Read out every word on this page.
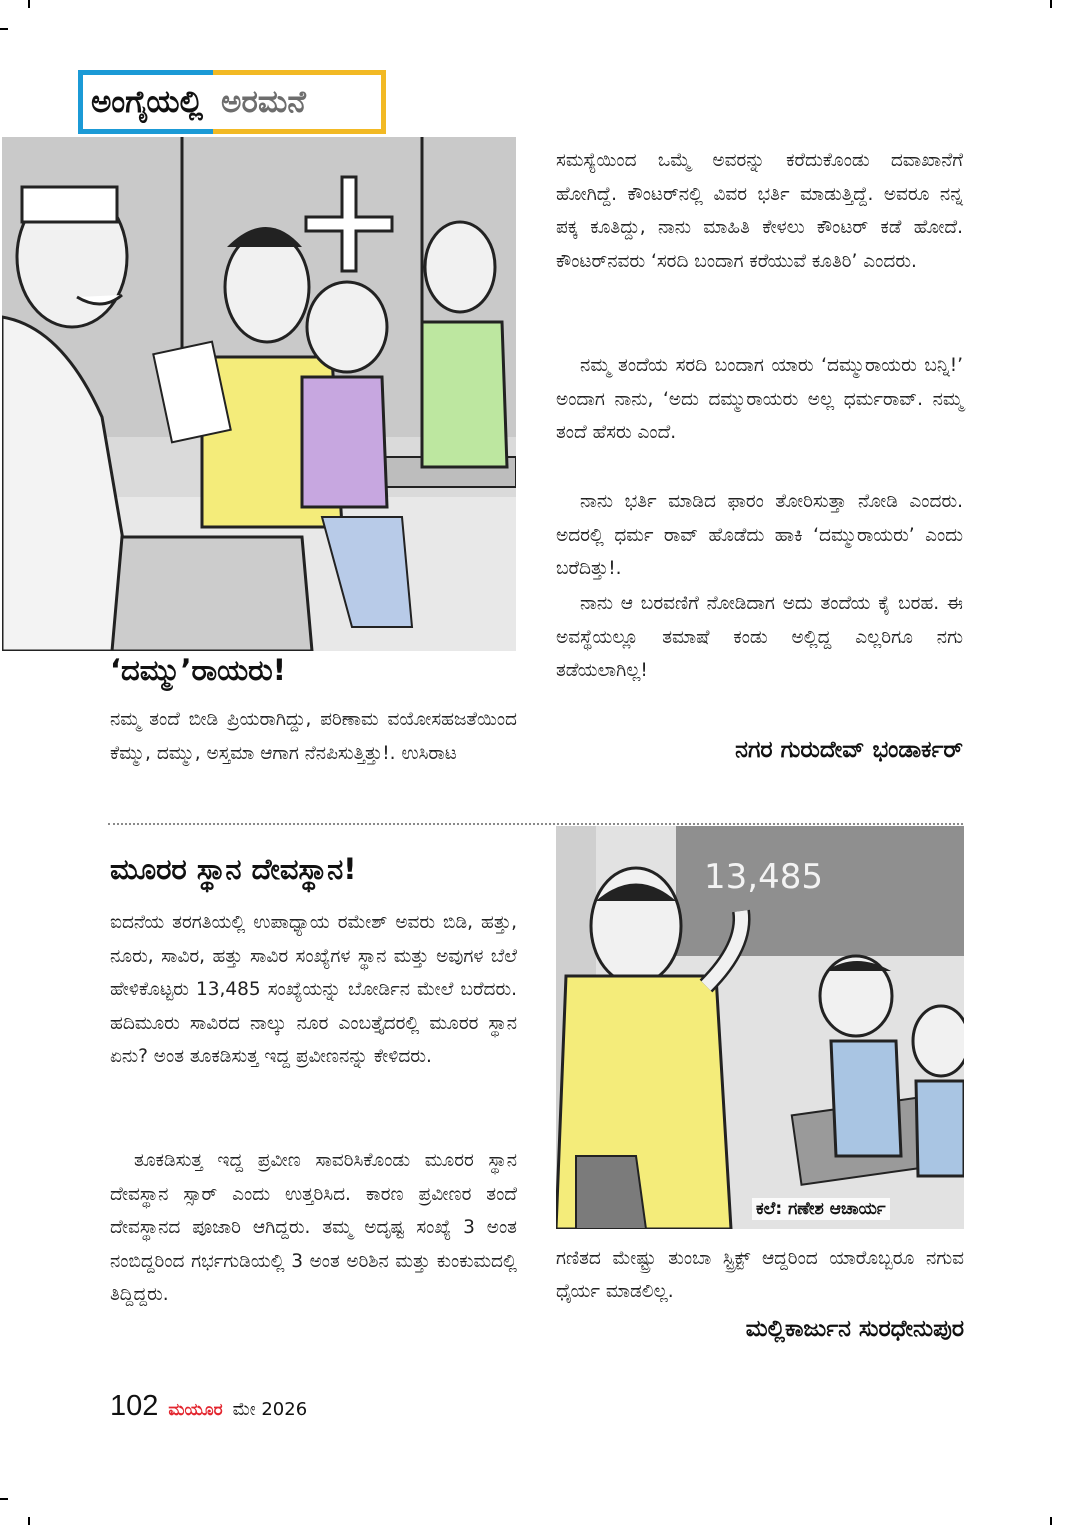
ಅಂಗೈಯಲ್ಲಿ ಅರಮನೆ
‘ದಮ್ಮು’ರಾಯರು!

ನಮ್ಮ ತಂದೆ ಬೀಡಿ ಪ್ರಿಯರಾಗಿದ್ದು, ಪರಿಣಾಮ ವಯೋಸಹಜತೆಯಿಂದ ಕೆಮ್ಮು, ದಮ್ಮು, ಅಸ್ತಮಾ ಆಗಾಗ ನೆನಪಿಸುತ್ತಿತ್ತು!. ಉಸಿರಾಟ

ಸಮಸ್ಯೆಯಿಂದ ಒಮ್ಮೆ ಅವರನ್ನು ಕರೆದುಕೊಂಡು ದವಾಖಾನೆಗೆ ಹೋಗಿದ್ದೆ. ಕೌಂಟರ್‌ನಲ್ಲಿ ವಿವರ ಭರ್ತಿ ಮಾಡುತ್ತಿದ್ದೆ. ಅವರೂ ನನ್ನ ಪಕ್ಕ ಕೂತಿದ್ದು, ನಾನು ಮಾಹಿತಿ ಕೇಳಲು ಕೌಂಟರ್ ಕಡೆ ಹೋದೆ. ಕೌಂಟರ್‌ನವರು ‘ಸರದಿ ಬಂದಾಗ ಕರೆಯುವೆ ಕೂತಿರಿ’ ಎಂದರು.

ನಮ್ಮ ತಂದೆಯ ಸರದಿ ಬಂದಾಗ ಯಾರು ‘ದಮ್ಮುರಾಯರು ಬನ್ನಿ!’ ಅಂದಾಗ ನಾನು, ‘ಅದು ದಮ್ಮುರಾಯರು ಅಲ್ಲ ಧರ್ಮರಾವ್. ನಮ್ಮ ತಂದೆ ಹೆಸರು ಎಂದೆ.

ನಾನು ಭರ್ತಿ ಮಾಡಿದ ಫಾರಂ ತೋರಿಸುತ್ತಾ ನೋಡಿ ಎಂದರು. ಅದರಲ್ಲಿ ಧರ್ಮ ರಾವ್ ಹೊಡೆದು ಹಾಕಿ ‘ದಮ್ಮುರಾಯರು’ ಎಂದು ಬರೆದಿತ್ತು!.

ನಾನು ಆ ಬರವಣಿಗೆ ನೋಡಿದಾಗ ಅದು ತಂದೆಯ ಕೈ ಬರಹ. ಈ ಅವಸ್ಥೆಯಲ್ಲೂ ತಮಾಷೆ ಕಂಡು ಅಲ್ಲಿದ್ದ ಎಲ್ಲರಿಗೂ ನಗು ತಡೆಯಲಾಗಿಲ್ಲ!

ನಗರ ಗುರುದೇವ್ ಭಂಡಾರ್ಕರ್
ಮೂರರ ಸ್ಥಾನ ದೇವಸ್ಥಾನ!

ಐದನೆಯ ತರಗತಿಯಲ್ಲಿ ಉಪಾಧ್ಯಾಯ ರಮೇಶ್ ಅವರು ಬಿಡಿ, ಹತ್ತು, ನೂರು, ಸಾವಿರ, ಹತ್ತು ಸಾವಿರ ಸಂಖ್ಯೆಗಳ ಸ್ಥಾನ ಮತ್ತು ಅವುಗಳ ಬೆಲೆ ಹೇಳಿಕೊಟ್ಟರು 13,485 ಸಂಖ್ಯೆಯನ್ನು ಬೋರ್ಡಿನ ಮೇಲೆ ಬರೆದರು. ಹದಿಮೂರು ಸಾವಿರದ ನಾಲ್ಕು ನೂರ ಎಂಬತ್ತೈದರಲ್ಲಿ ಮೂರರ ಸ್ಥಾನ ಏನು? ಅಂತ ತೂಕಡಿಸುತ್ತ ಇದ್ದ ಪ್ರವೀಣನನ್ನು ಕೇಳಿದರು.

ತೂಕಡಿಸುತ್ತ ಇದ್ದ ಪ್ರವೀಣ ಸಾವರಿಸಿಕೊಂಡು ಮೂರರ ಸ್ಥಾನ ದೇವಸ್ಥಾನ ಸ್ಸಾರ್ ಎಂದು ಉತ್ತರಿಸಿದ. ಕಾರಣ ಪ್ರವೀಣರ ತಂದೆ ದೇವಸ್ಥಾನದ ಪೂಜಾರಿ ಆಗಿದ್ದರು. ತಮ್ಮ ಅದೃಷ್ಟ ಸಂಖ್ಯೆ 3 ಅಂತ ನಂಬಿದ್ದರಿಂದ ಗರ್ಭಗುಡಿಯಲ್ಲಿ 3 ಅಂತ ಅರಿಶಿನ ಮತ್ತು ಕುಂಕುಮದಲ್ಲಿ ತಿದ್ದಿದ್ದರು.

13,485
ಕಲೆ: ಗಣೇಶ ಆಚಾರ್ಯ

ಗಣಿತದ ಮೇಷ್ಟ್ರು ತುಂಬಾ ಸ್ಟ್ರಿಕ್ಟ್ ಆದ್ದರಿಂದ ಯಾರೊಬ್ಬರೂ ನಗುವ ಧೈರ್ಯ ಮಾಡಲಿಲ್ಲ.

ಮಲ್ಲಿಕಾರ್ಜುನ ಸುರಧೇನುಪುರ
102 ಮಯೂರ ಮೇ 2026
